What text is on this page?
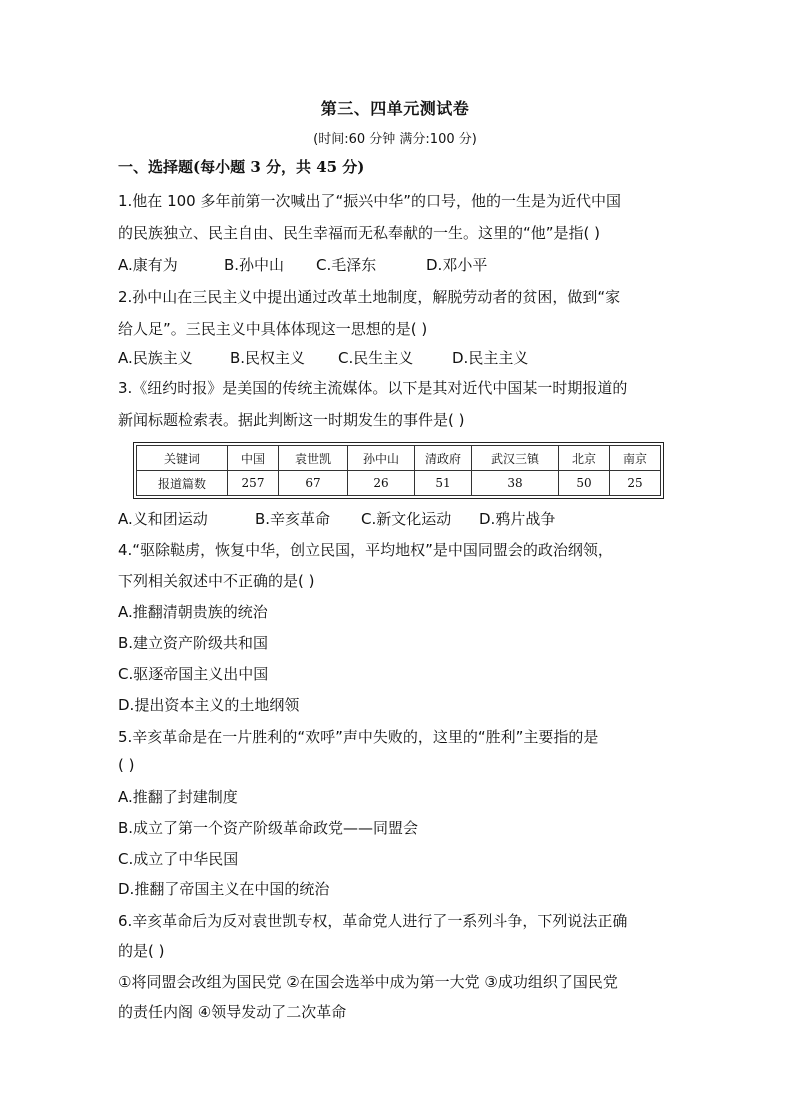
第三、四单元测试卷
(时间:60 分钟 满分:100 分)
一、选择题(每小题 3 分，共 45 分)
1.他在 100 多年前第一次喊出了“振兴中华”的口号，他的一生是为近代中国
的民族独立、民主自由、民生幸福而无私奉献的一生。这里的“他”是指( )
A.康有为	B.孙中山 C.毛泽东	D.邓小平
2.孙中山在三民主义中提出通过改革土地制度，解脱劳动者的贫困，做到“家
给人足”。三民主义中具体体现这一思想的是( )
A.民族主义 B.民权主义 C.民生主义	D.民主主义
3.《纽约时报》是美国的传统主流媒体。以下是其对近代中国某一时期报道的
新闻标题检索表。据此判断这一时期发生的事件是( )
关键词	中国	袁世凯	孙中山	清政府	武汉三镇	北京	南京
报道篇数	257	67	26	51	38	50	25
A.义和团运动	B.辛亥革命 C.新文化运动 D.鸦片战争
4.“驱除鞑虏，恢复中华，创立民国，平均地权”是中国同盟会的政治纲领，
下列相关叙述中不正确的是( )
A.推翻清朝贵族的统治
B.建立资产阶级共和国
C.驱逐帝国主义出中国
D.提出资本主义的土地纲领
5.辛亥革命是在一片胜利的“欢呼”声中失败的，这里的“胜利”主要指的是
( )
A.推翻了封建制度
B.成立了第一个资产阶级革命政党——同盟会
C.成立了中华民国
D.推翻了帝国主义在中国的统治
6.辛亥革命后为反对袁世凯专权，革命党人进行了一系列斗争，下列说法正确
的是( )
①将同盟会改组为国民党 ②在国会选举中成为第一大党 ③成功组织了国民党
的责任内阁 ④领导发动了二次革命
